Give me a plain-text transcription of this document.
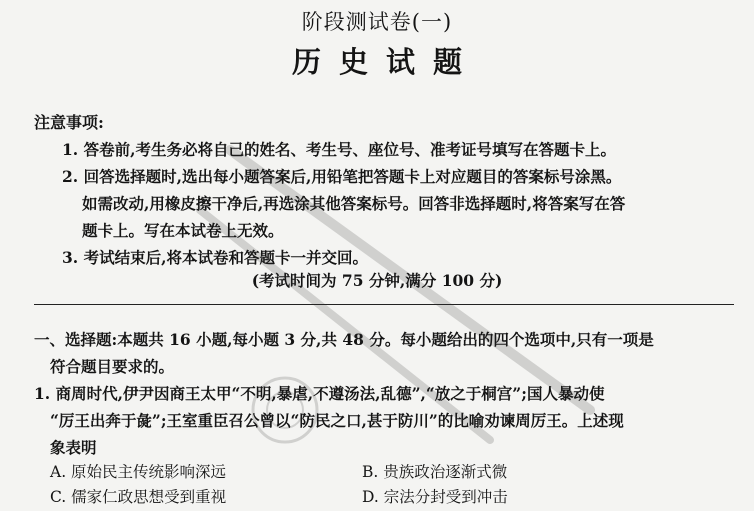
阶段测试卷(一)
历史试题
注意事项:
1. 答卷前,考生务必将自己的姓名、考生号、座位号、准考证号填写在答题卡上。
2. 回答选择题时,选出每小题答案后,用铅笔把答题卡上对应题目的答案标号涂黑。
如需改动,用橡皮擦干净后,再选涂其他答案标号。回答非选择题时,将答案写在答
题卡上。写在本试卷上无效。
3. 考试结束后,将本试卷和答题卡一并交回。
(考试时间为 75 分钟,满分 100 分)
一、选择题:本题共 16 小题,每小题 3 分,共 48 分。每小题给出的四个选项中,只有一项是
符合题目要求的。
1. 商周时代,伊尹因商王太甲“不明,暴虐,不遵汤法,乱德”,“放之于桐宫”;国人暴动使
“厉王出奔于彘”;王室重臣召公曾以“防民之口,甚于防川”的比喻劝谏周厉王。上述现
象表明
A. 原始民主传统影响深远	B. 贵族政治逐渐式微
C. 儒家仁政思想受到重视	D. 宗法分封受到冲击
